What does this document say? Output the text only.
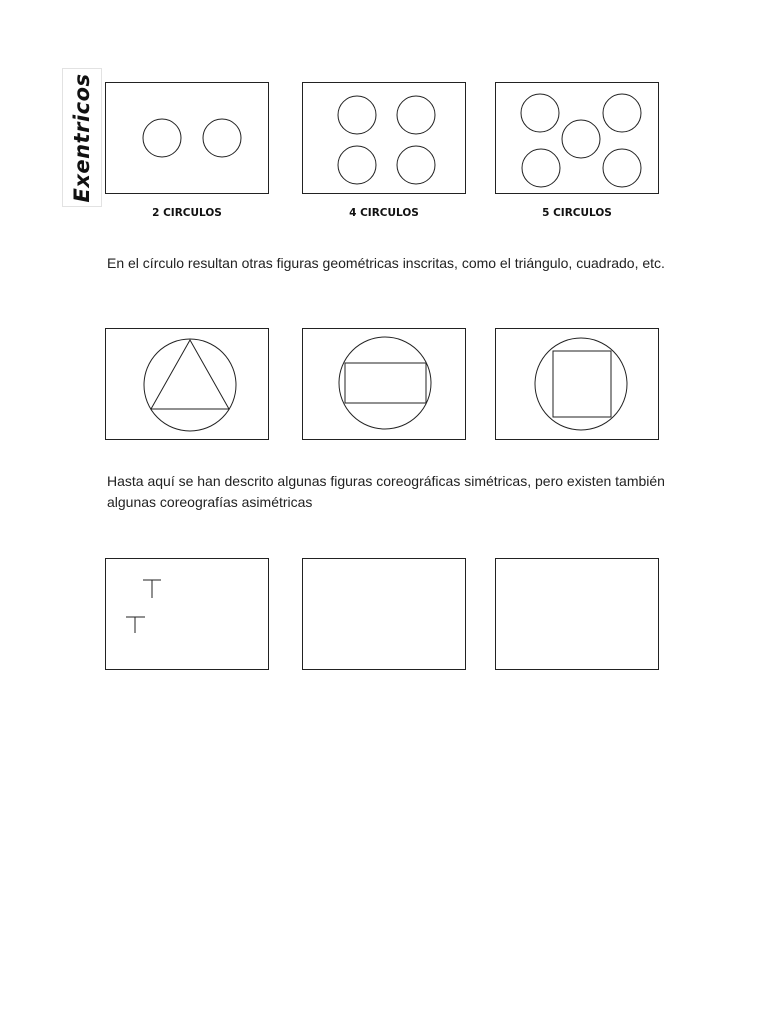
Exentricos
2 CIRCULOS	4 CIRCULOS	5 CIRCULOS
En el círculo resultan otras figuras geométricas inscritas, como el triángulo, cuadrado, etc.
Hasta aquí se han descrito algunas figuras coreográficas simétricas, pero existen también algunas coreografías asimétricas
